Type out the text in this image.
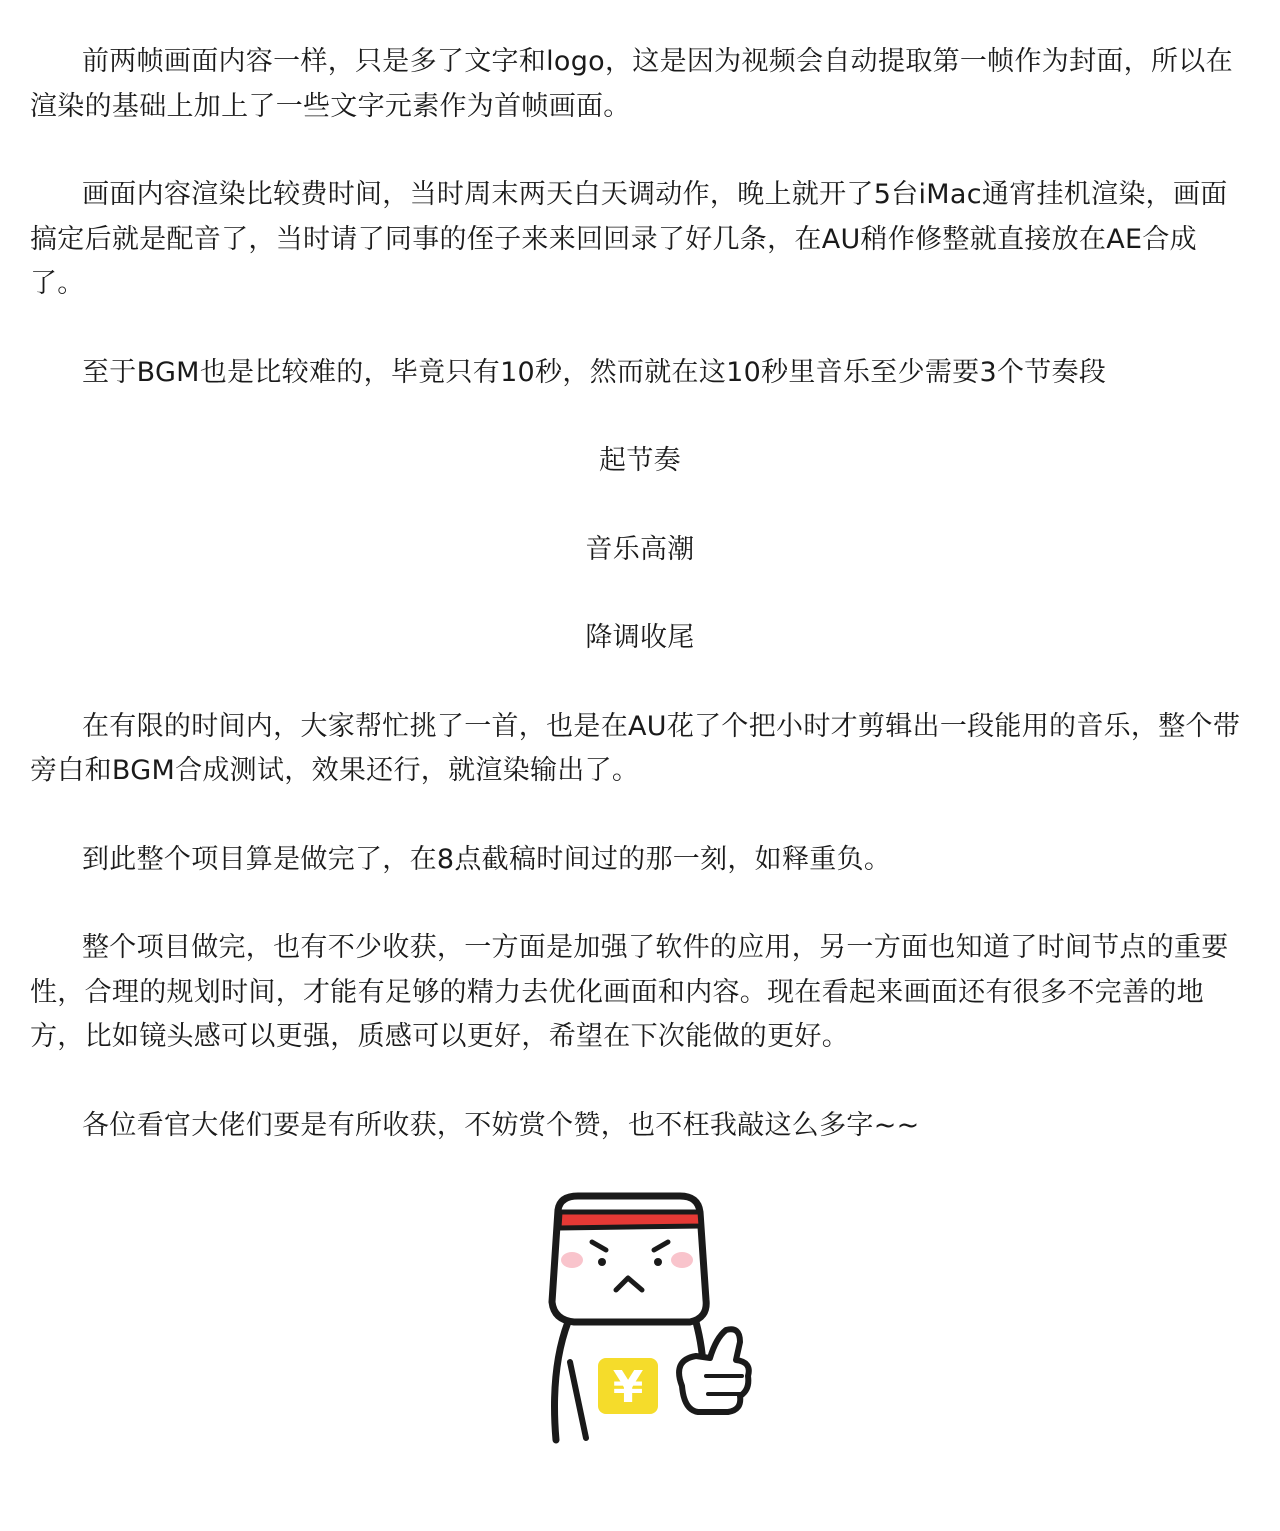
前两帧画面内容一样，只是多了文字和logo，这是因为视频会自动提取第一帧作为封面，所以在渲染的基础上加上了一些文字元素作为首帧画面。

画面内容渲染比较费时间，当时周末两天白天调动作，晚上就开了5台iMac通宵挂机渲染，画面搞定后就是配音了，当时请了同事的侄子来来回回录了好几条，在AU稍作修整就直接放在AE合成了。

至于BGM也是比较难的，毕竟只有10秒，然而就在这10秒里音乐至少需要3个节奏段

起节奏

音乐高潮

降调收尾

在有限的时间内，大家帮忙挑了一首，也是在AU花了个把小时才剪辑出一段能用的音乐，整个带旁白和BGM合成测试，效果还行，就渲染输出了。

到此整个项目算是做完了，在8点截稿时间过的那一刻，如释重负。

整个项目做完，也有不少收获，一方面是加强了软件的应用，另一方面也知道了时间节点的重要性，合理的规划时间，才能有足够的精力去优化画面和内容。现在看起来画面还有很多不完善的地方，比如镜头感可以更强，质感可以更好，希望在下次能做的更好。

各位看官大佬们要是有所收获，不妨赏个赞，也不枉我敲这么多字~~

¥
